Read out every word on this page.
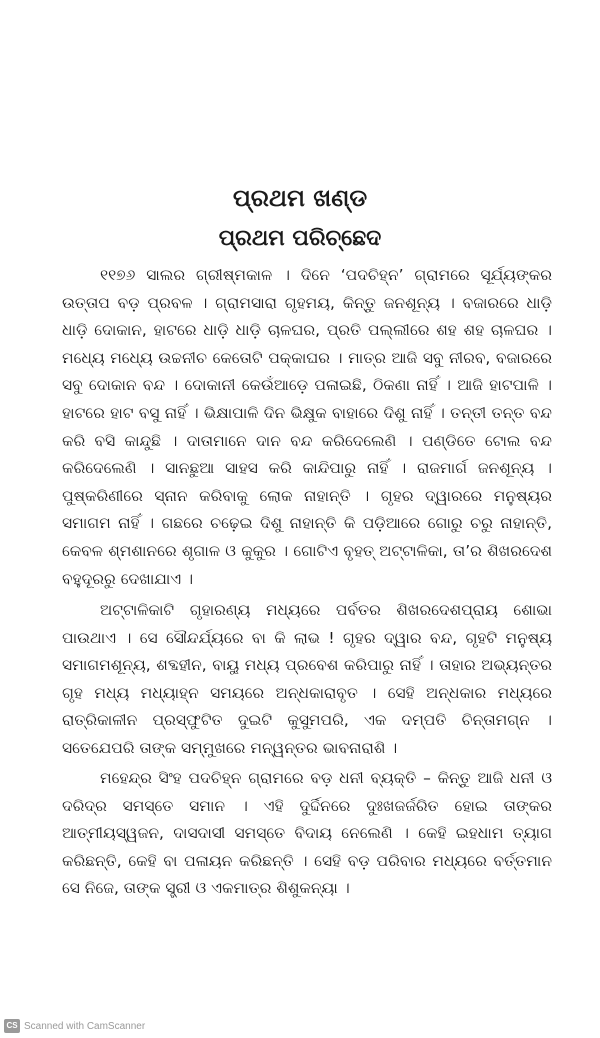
ପ୍ରଥମ ଖଣ୍ଡ
ପ୍ରଥମ ପରିଚ୍ଛେଦ

୧୧୭୬ ସାଲର ଗ୍ରୀଷ୍ମକାଳ । ଦିନେ ‘ପଦଚିହ୍ନ’ ଗ୍ରାମରେ ସୂର୍ଯ୍ୟଙ୍କର ଉତ୍ତାପ ବଡ଼ ପ୍ରବଳ । ଗ୍ରାମସାରା ଗୃହମୟ, କିନ୍ତୁ ଜନଶୂନ୍ୟ । ବଜାରରେ ଧାଡ଼ି ଧାଡ଼ି ଦୋକାନ, ହାଟରେ ଧାଡ଼ି ଧାଡ଼ି ଚାଳଘର, ପ୍ରତି ପଲ୍ଲୀରେ ଶହ ଶହ ଚାଳଘର । ମଧ୍ୟେ ମଧ୍ୟେ ଉଚ୍ଚନୀଚ କେତୋଟି ପକ୍କାଘର । ମାତ୍ର ଆଜି ସବୁ ନୀରବ, ବଜାରରେ ସବୁ ଦୋକାନ ବନ୍ଦ । ଦୋକାନୀ କେଉଁଆଡ଼େ ପଳାଇଛି, ଠିକଣା ନାହିଁ । ଆଜି ହାଟପାଳି । ହାଟରେ ହାଟ ବସୁ ନାହିଁ । ଭିକ୍ଷାପାଳି ଦିନ ଭିକ୍ଷୁକ ବାହାରେ ଦିଶୁ ନାହିଁ । ତନ୍ତୀ ତନ୍ତ ବନ୍ଦ କରି ବସି କାନ୍ଦୁଛି । ଦାତାମାନେ ଦାନ ବନ୍ଦ କରିଦେଲେଣି । ପଣ୍ଡିତେ ଟୋଲ ବନ୍ଦ କରିଦେଲେଣି । ସାନଛୁଆ ସାହସ କରି କାନ୍ଦିପାରୁ ନାହିଁ । ରାଜମାର୍ଗ ଜନଶୂନ୍ୟ । ପୁଷ୍କରିଣୀରେ ସ୍ନାନ କରିବାକୁ ଲୋକ ନାହାନ୍ତି । ଗୃହର ଦ୍ୱାରରେ ମନୁଷ୍ୟର ସମାଗମ ନାହିଁ । ଗଛରେ ଚଢ଼େଇ ଦିଶୁ ନାହାନ୍ତି କି ପଡ଼ିଆରେ ଗୋରୁ ଚରୁ ନାହାନ୍ତି, କେବଳ ଶ୍ମଶାନରେ ଶୃଗାଳ ଓ କୁକୁର । ଗୋଟିଏ ବୃହତ୍ ଅଟ୍ଟାଳିକା, ତା’ର ଶିଖରଦେଶ ବହୁଦୂରରୁ ଦେଖାଯାଏ ।

ଅଟ୍ଟାଳିକାଟି ଗୃହାରଣ୍ୟ ମଧ୍ୟରେ ପର୍ବତର ଶିଖରଦେଶପ୍ରାୟ ଶୋଭା ପାଉଥାଏ । ସେ ସୌନ୍ଦର୍ଯ୍ୟରେ ବା କି ଲାଭ ! ଗୃହର ଦ୍ୱାର ବନ୍ଦ, ଗୃହଟି ମନୁଷ୍ୟ ସମାଗମଶୂନ୍ୟ, ଶବ୍ଦହୀନ, ବାୟୁ ମଧ୍ୟ ପ୍ରବେଶ କରିପାରୁ ନାହିଁ । ତାହାର ଅଭ୍ୟନ୍ତର ଗୃହ ମଧ୍ୟ ମଧ୍ୟାହ୍ନ ସମୟରେ ଅନ୍ଧକାରାବୃତ । ସେହି ଅନ୍ଧକାର ମଧ୍ୟରେ ରାତ୍ରିକାଳୀନ ପ୍ରସ୍ଫୁଟିତ ଦୁଇଟି କୁସୁମପରି, ଏକ ଦମ୍ପତି ଚିନ୍ତାମଗ୍ନ । ସତେଯେପରି ତାଙ୍କ ସମ୍ମୁଖରେ ମନ୍ୱନ୍ତର ଭାବନାରାଶି ।

ମହେନ୍ଦ୍ର ସିଂହ ପଦଚିହ୍ନ ଗ୍ରାମରେ ବଡ଼ ଧନୀ ବ୍ୟକ୍ତି – କିନ୍ତୁ ଆଜି ଧନୀ ଓ ଦରିଦ୍ର ସମସ୍ତେ ସମାନ । ଏହି ଦୁର୍ଦ୍ଦିନରେ ଦୁଃଖଜର୍ଜରିତ ହୋଇ ତାଙ୍କର ଆତ୍ମୀୟସ୍ୱଜନ, ଦାସଦାସୀ ସମସ୍ତେ ବିଦାୟ ନେଲେଣି । କେହି ଇହଧାମ ତ୍ୟାଗ କରିଛନ୍ତି, କେହି ବା ପଳାୟନ କରିଛନ୍ତି । ସେହି ବଡ଼ ପରିବାର ମଧ୍ୟରେ ବର୍ତ୍ତମାନ ସେ ନିଜେ, ତାଙ୍କ ସ୍ତ୍ରୀ ଓ ଏକମାତ୍ର ଶିଶୁକନ୍ୟା ।

CS Scanned with CamScanner
